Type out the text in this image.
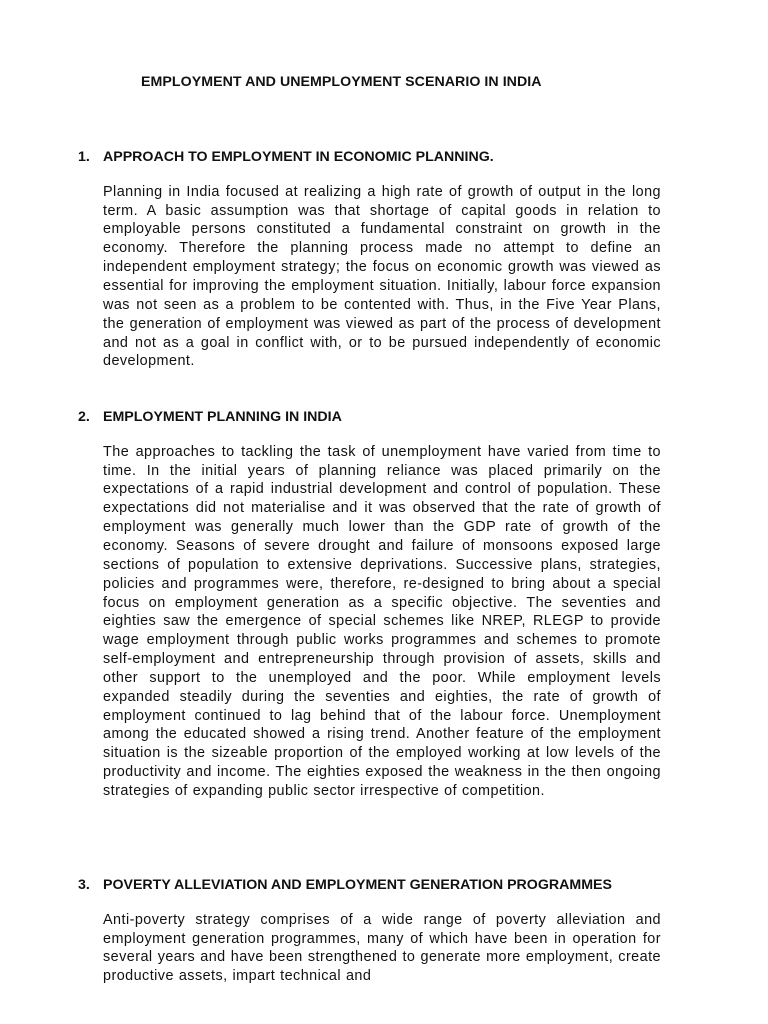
EMPLOYMENT AND UNEMPLOYMENT SCENARIO IN INDIA
1. APPROACH TO EMPLOYMENT IN ECONOMIC PLANNING.
Planning in India focused at realizing a high rate of growth of output in the long term. A basic assumption was that shortage of capital goods in relation to employable persons constituted a fundamental constraint on growth in the economy. Therefore the planning process made no attempt to define an independent employment strategy; the focus on economic growth was viewed as essential for improving the employment situation. Initially, labour force expansion was not seen as a problem to be contented with. Thus, in the Five Year Plans, the generation of employment was viewed as part of the process of development and not as a goal in conflict with, or to be pursued independently of economic development.
2. EMPLOYMENT PLANNING IN INDIA
The approaches to tackling the task of unemployment have varied from time to time. In the initial years of planning reliance was placed primarily on the expectations of a rapid industrial development and control of population. These expectations did not materialise and it was observed that the rate of growth of employment was generally much lower than the GDP rate of growth of the economy. Seasons of severe drought and failure of monsoons exposed large sections of population to extensive deprivations. Successive plans, strategies, policies and programmes were, therefore, re-designed to bring about a special focus on employment generation as a specific objective. The seventies and eighties saw the emergence of special schemes like NREP, RLEGP to provide wage employment through public works programmes and schemes to promote self-employment and entrepreneurship through provision of assets, skills and other support to the unemployed and the poor. While employment levels expanded steadily during the seventies and eighties, the rate of growth of employment continued to lag behind that of the labour force. Unemployment among the educated showed a rising trend. Another feature of the employment situation is the sizeable proportion of the employed working at low levels of the productivity and income. The eighties exposed the weakness in the then ongoing strategies of expanding public sector irrespective of competition.
3. POVERTY ALLEVIATION AND EMPLOYMENT GENERATION PROGRAMMES
Anti-poverty strategy comprises of a wide range of poverty alleviation and employment generation programmes, many of which have been in operation for several years and have been strengthened to generate more employment, create productive assets, impart technical and
